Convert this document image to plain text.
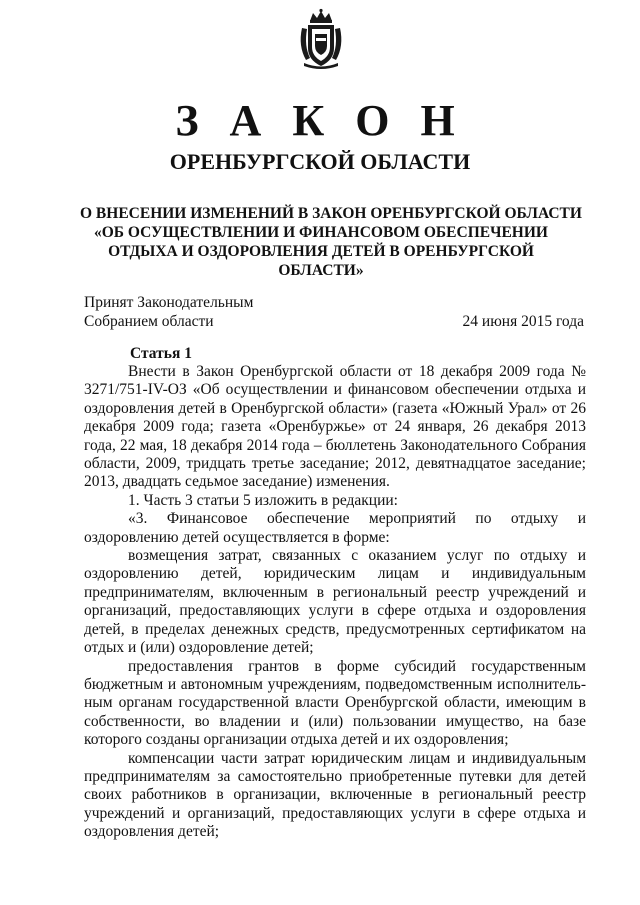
З А К О Н
ОРЕНБУРГСКОЙ ОБЛАСТИ
О ВНЕСЕНИИ ИЗМЕНЕНИЙ В ЗАКОН ОРЕНБУРГСКОЙ ОБЛАСТИ
«ОБ ОСУЩЕСТВЛЕНИИ И ФИНАНСОВОМ ОБЕСПЕЧЕНИИ
ОТДЫХА И ОЗДОРОВЛЕНИЯ ДЕТЕЙ В ОРЕНБУРГСКОЙ
ОБЛАСТИ»
Принят Законодательным
Собранием области	24 июня 2015 года
Статья 1

Внести в Закон Оренбургской области от 18 декабря 2009 года № 3271/751-IV-ОЗ «Об осуществлении и финансовом обеспечении отдыха и оздоровления детей в Оренбургской области» (газета «Южный Урал» от 26 декабря 2009 года; газета «Оренбуржье» от 24 января, 26 декабря 2013 года, 22 мая, 18 декабря 2014 года – бюллетень Законодательного Собрания области, 2009, тридцать третье заседание; 2012, девятнадцатое заседание; 2013, двадцать седьмое заседание) изменения.

1. Часть 3 статьи 5 изложить в редакции:

«3. Финансовое обеспечение мероприятий по отдыху и оздоровлению детей осуществляется в форме:

возмещения затрат, связанных с оказанием услуг по отдыху и оздоровлению детей, юридическим лицам и индивидуальным предпринимателям, включенным в региональный реестр учреждений и организаций, предоставляющих услуги в сфере отдыха и оздоровления детей, в пределах денежных средств, предусмотренных сертификатом на отдых и (или) оздоровление детей;

предоставления грантов в форме субсидий государственным бюджетным и автономным учреждениям, подведомственным исполнитель-ным органам государственной власти Оренбургской области, имеющим в собственности, во владении и (или) пользовании имущество, на базе которого созданы организации отдыха детей и их оздоровления;

компенсации части затрат юридическим лицам и индивидуальным предпринимателям за самостоятельно приобретенные путевки для детей своих работников в организации, включенные в региональный реестр учреждений и организаций, предоставляющих услуги в сфере отдыха и оздоровления детей;
